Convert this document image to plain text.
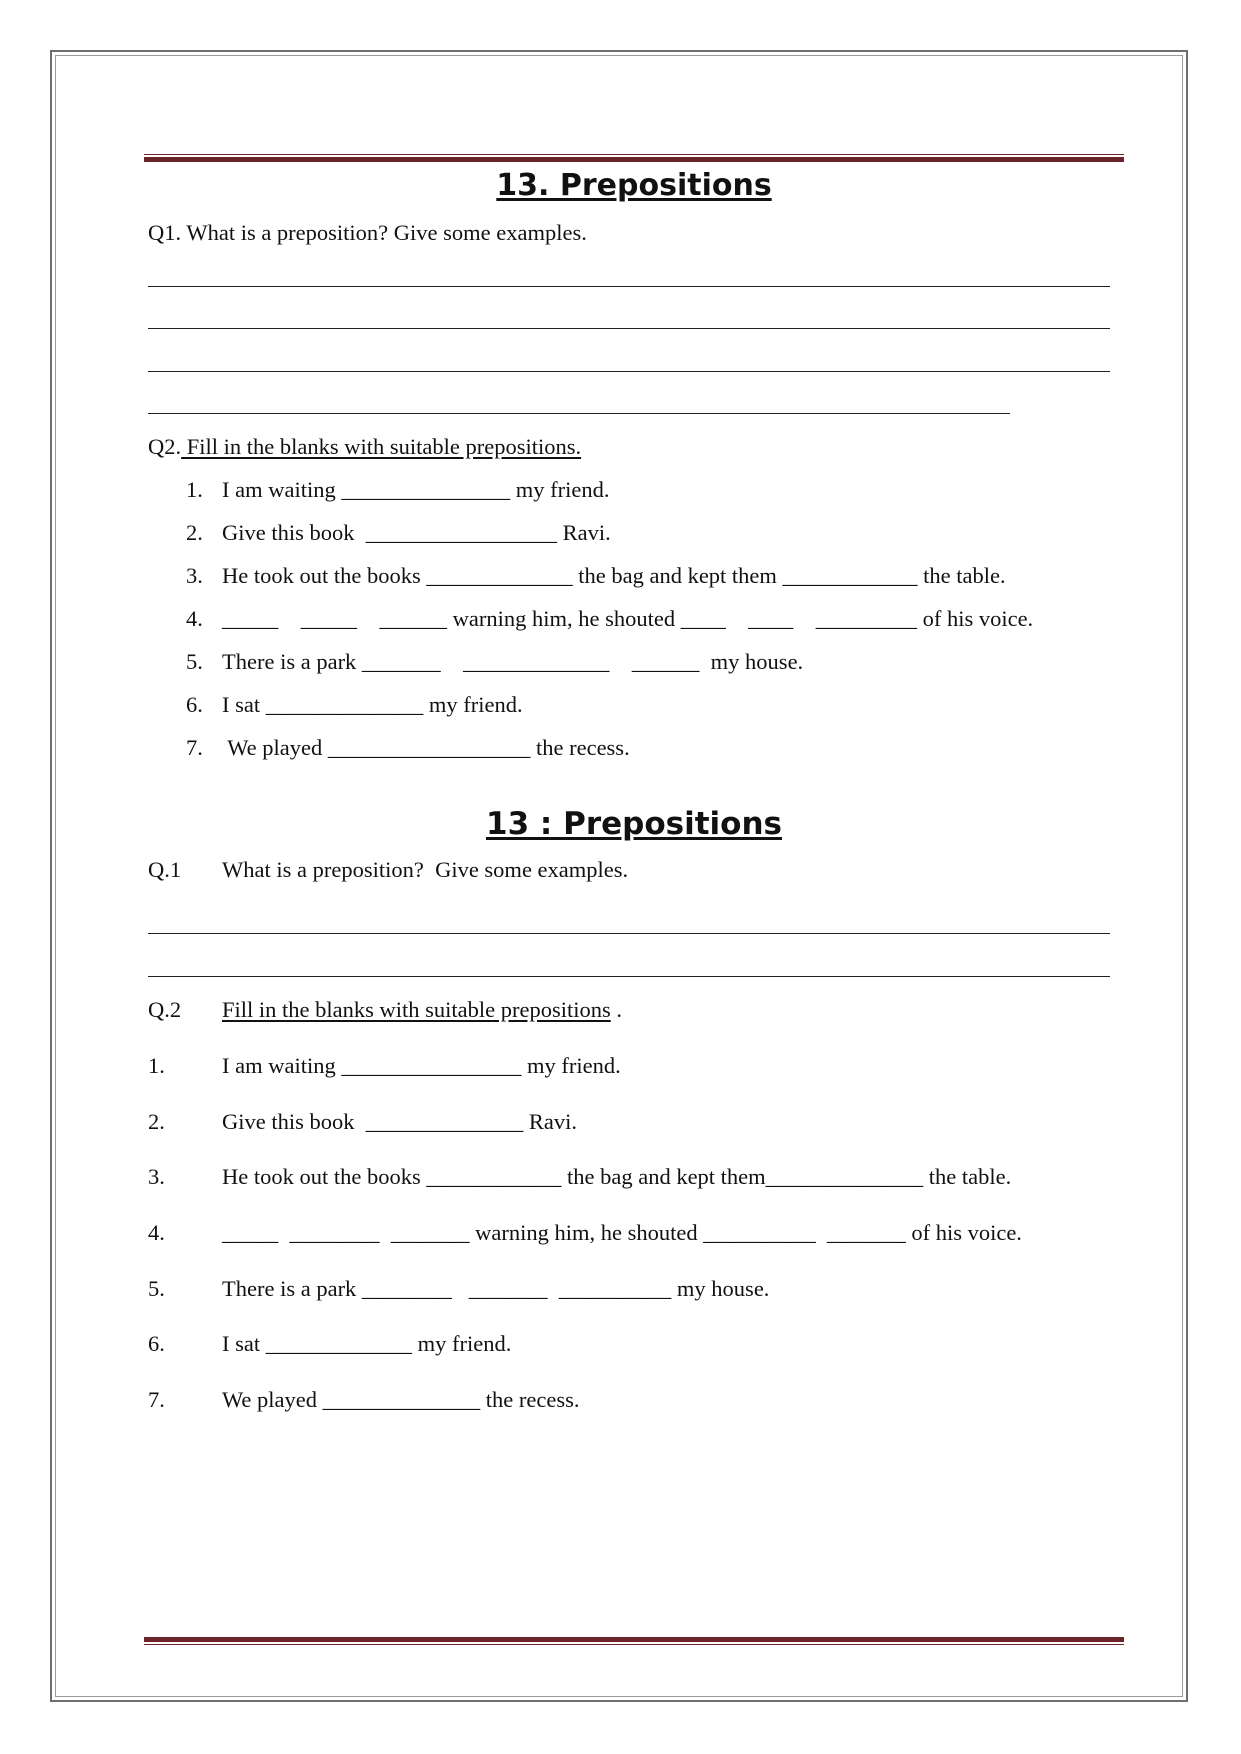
13. Prepositions
Q1. What is a preposition? Give some examples.
Q2. Fill in the blanks with suitable prepositions.
1. I am waiting _______________ my friend.
2. Give this book  _________________ Ravi.
3. He took out the books _____________ the bag and kept them ____________ the table.
4. _____    _____    ______ warning him, he shouted ____    ____    _________ of his voice.
5. There is a park _______    _____________    ______  my house.
6. I sat ______________ my friend.
7. We played __________________ the recess.
13 : Prepositions
Q.1 What is a preposition?  Give some examples.
Q.2 Fill in the blanks with suitable prepositions .
1.	I am waiting ________________ my friend.
2.	Give this book  ______________ Ravi.
3.	He took out the books ____________ the bag and kept them______________ the table.
4.	_____  ________  _______ warning him, he shouted __________  _______ of his voice.
5.	There is a park ________   _______  __________ my house.
6.	I sat _____________ my friend.
7.	We played ______________ the recess.
